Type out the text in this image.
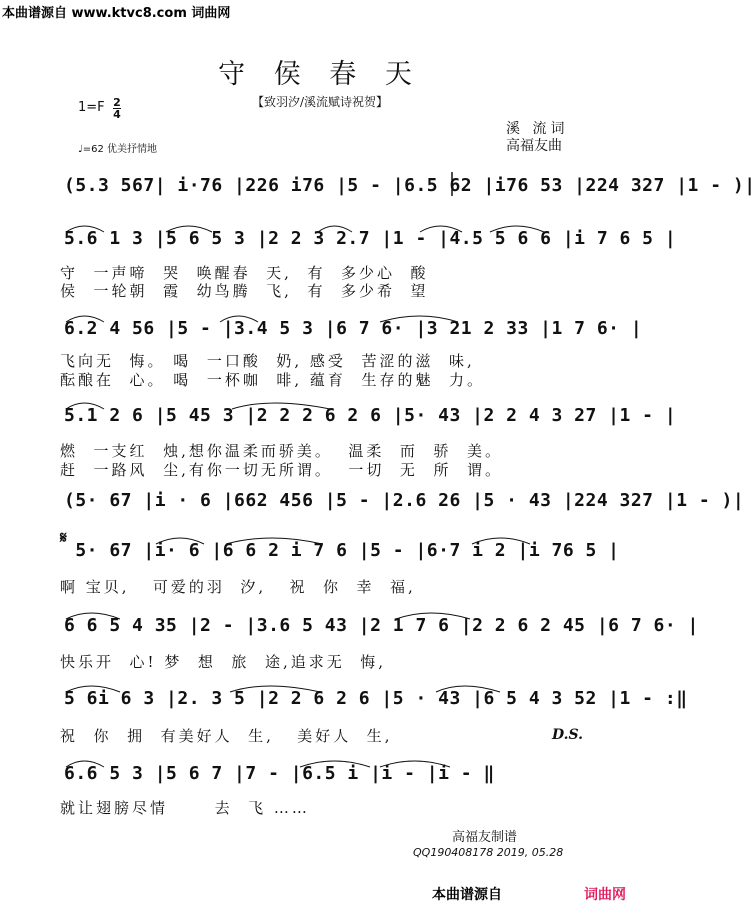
本曲谱源自 www.ktvc8.com 词曲网
守 侯 春 天
【致羽汐/溪流赋诗祝贺】
1=F 2
4
♩=62 优美抒情地
溪 流词
高福友曲
(5.3 567| i·76 |226 i76 |5 - |6.5 62 |i76 53 |224 327 |1 - )|
5.6 1 3 |5 6 5 3 |2 2 3 2.7 |1 - |4.5 5 6 6 |i 7 6 5 |
守  一声啼  哭  唤醒春  天,  有  多少心  酸
侯  一轮朝  霞  幼鸟腾  飞,  有  多少希  望
6.2 4 56 |5 - |3.4 5 3 |6 7 6· |3 21 2 33 |1 7 6· |
飞向无  悔。 喝  一口酸  奶, 感受  苦涩的滋  味,
酝酿在  心。 喝  一杯咖  啡, 蕴育  生存的魅  力。
5.1 2 6 |5 45 3 |2 2 2 6 2 6 |5· 43 |2 2 4 3 27 |1 - |
燃  一支红  烛,想你温柔而骄美。  温柔  而  骄  美。
赶  一路风  尘,有你一切无所谓。  一切  无  所  谓。
(5· 67 |i · 6 |662 456 |5 - |2.6 26 |5 · 43 |224 327 |1 - )|
𝄋
5· 67 |i· 6 |6 6 2 i 7 6 |5 - |6·7 i 2 |i 76 5 |
啊 宝贝,   可爱的羽  汐,   祝  你  幸  福,
6 6 5 4 35 |2 - |3.6 5 43 |2 1 7 6 |2 2 6 2 45 |6 7 6· |
快乐开  心! 梦  想  旅  途,追求无  悔,
5 6i 6 3 |2. 3 5 |2 2 6 2 6 |5 · 43 |6 5 4 3 52 |1 - :‖
祝  你  拥  有美好人  生,   美好人  生,	D.S.
6.6 5 3 |5 6 7 |7 - |6.5 i |i - |i - ‖
就让翅膀尽情      去  飞 ……
高福友制谱
QQ190408178 2019, 05.28
本曲谱源自	词曲网
